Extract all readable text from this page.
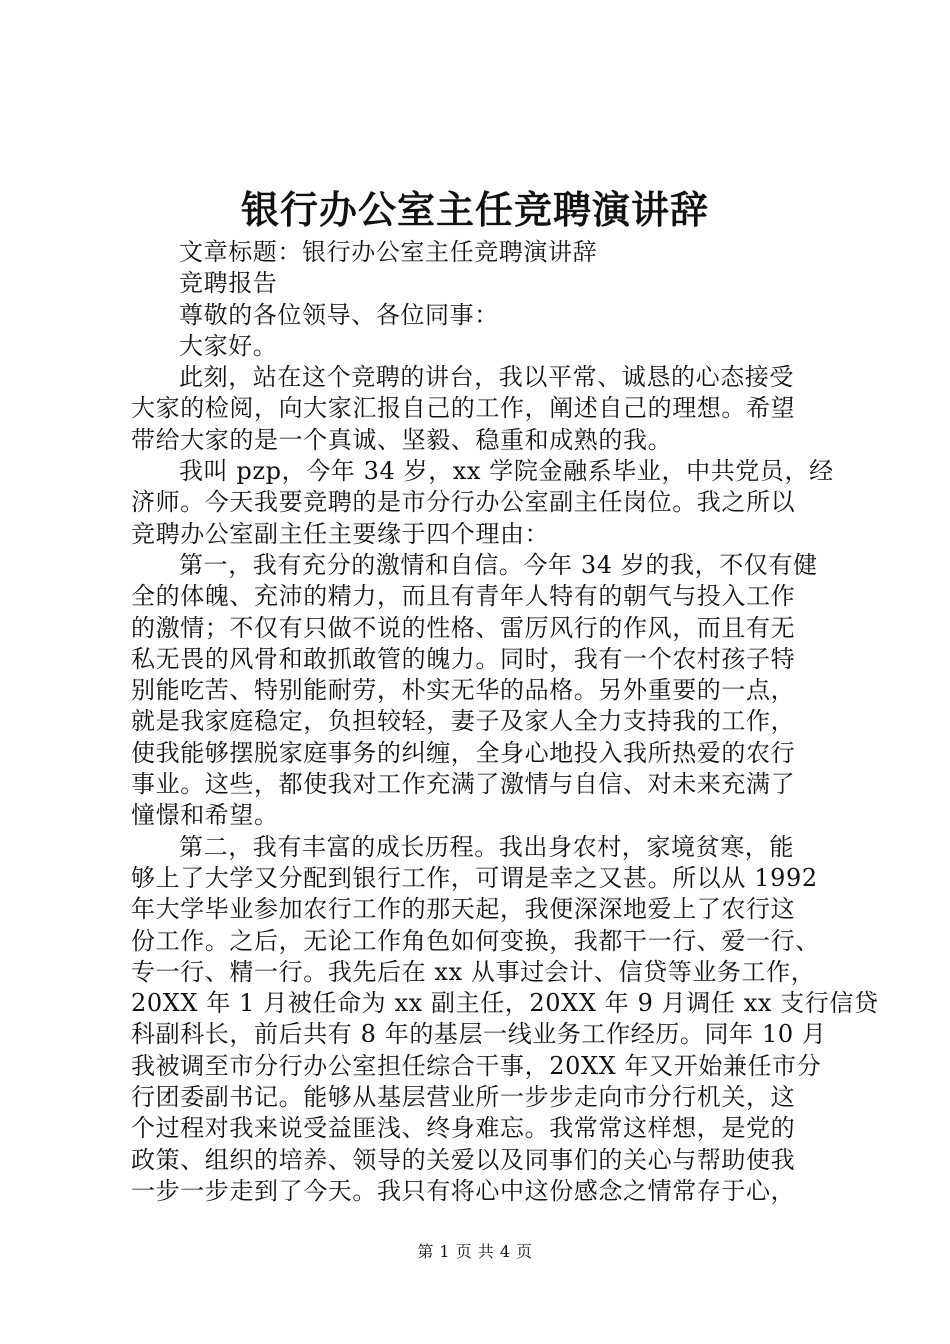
银行办公室主任竞聘演讲辞
文章标题：银行办公室主任竞聘演讲辞
竞聘报告
尊敬的各位领导、各位同事：
大家好。
此刻，站在这个竞聘的讲台，我以平常、诚恳的心态接受
大家的检阅，向大家汇报自己的工作，阐述自己的理想。希望
带给大家的是一个真诚、坚毅、稳重和成熟的我。
我叫 pzp，今年 34 岁，xx 学院金融系毕业，中共党员，经
济师。今天我要竞聘的是市分行办公室副主任岗位。我之所以
竞聘办公室副主任主要缘于四个理由：
第一，我有充分的激情和自信。今年 34 岁的我，不仅有健
全的体魄、充沛的精力，而且有青年人特有的朝气与投入工作
的激情；不仅有只做不说的性格、雷厉风行的作风，而且有无
私无畏的风骨和敢抓敢管的魄力。同时，我有一个农村孩子特
别能吃苦、特别能耐劳，朴实无华的品格。另外重要的一点，
就是我家庭稳定，负担较轻，妻子及家人全力支持我的工作，
使我能够摆脱家庭事务的纠缠，全身心地投入我所热爱的农行
事业。这些，都使我对工作充满了激情与自信、对未来充满了
憧憬和希望。
第二，我有丰富的成长历程。我出身农村，家境贫寒，能
够上了大学又分配到银行工作，可谓是幸之又甚。所以从 1992
年大学毕业参加农行工作的那天起，我便深深地爱上了农行这
份工作。之后，无论工作角色如何变换，我都干一行、爱一行、
专一行、精一行。我先后在 xx 从事过会计、信贷等业务工作，
20XX 年 1 月被任命为 xx 副主任，20XX 年 9 月调任 xx 支行信贷
科副科长，前后共有 8 年的基层一线业务工作经历。同年 10 月
我被调至市分行办公室担任综合干事，20XX 年又开始兼任市分
行团委副书记。能够从基层营业所一步步走向市分行机关，这
个过程对我来说受益匪浅、终身难忘。我常常这样想，是党的
政策、组织的培养、领导的关爱以及同事们的关心与帮助使我
一步一步走到了今天。我只有将心中这份感念之情常存于心，
第 1 页 共 4 页
